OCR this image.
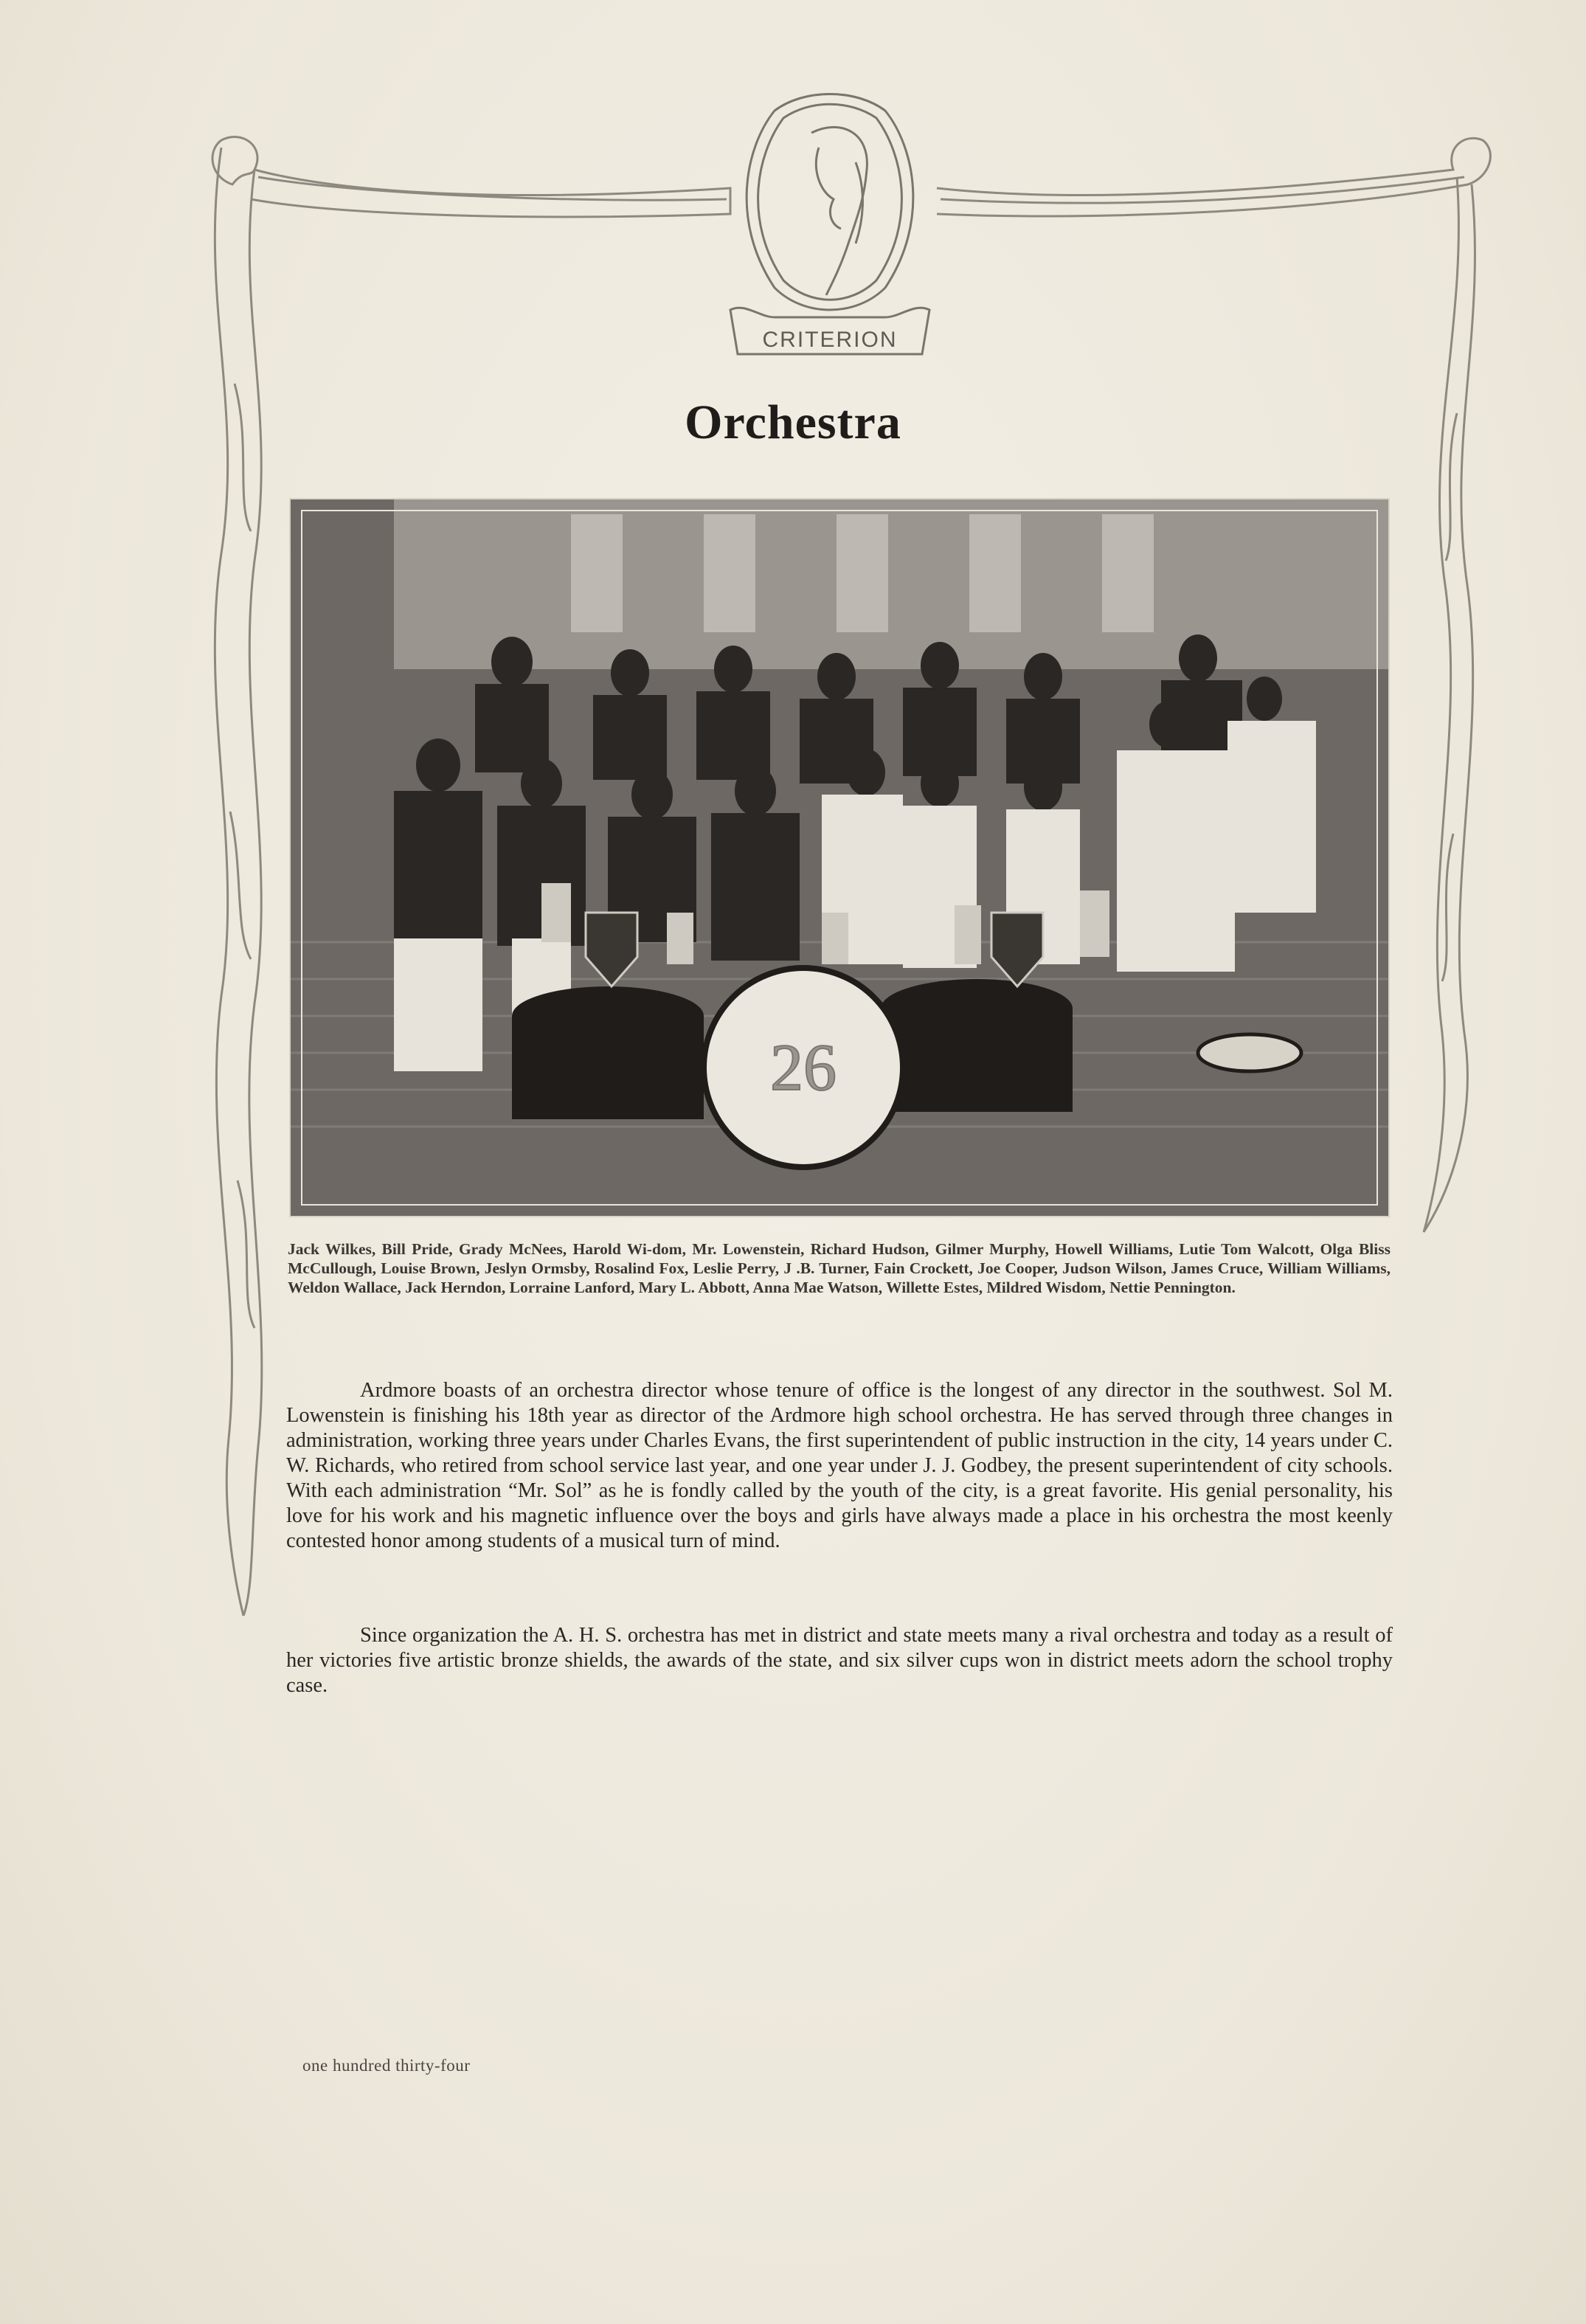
CRITERION
Orchestra
26
Jack Wilkes, Bill Pride, Grady McNees, Harold Wi-dom, Mr. Lowenstein, Richard Hudson, Gilmer Murphy, Howell Williams, Lutie Tom Walcott, Olga Bliss McCullough, Louise Brown, Jeslyn Ormsby, Rosalind Fox, Leslie Perry, J .B. Turner, Fain Crockett, Joe Cooper, Judson Wilson, James Cruce, William Williams, Weldon Wallace, Jack Herndon, Lorraine Lanford, Mary L. Abbott, Anna Mae Watson, Willette Estes, Mildred Wisdom, Nettie Pennington.
Ardmore boasts of an orchestra director whose tenure of office is the longest of any director in the southwest. Sol M. Lowenstein is finishing his 18th year as director of the Ardmore high school orchestra. He has served through three changes in administration, working three years under Charles Evans, the first superintendent of public instruction in the city, 14 years under C. W. Richards, who retired from school service last year, and one year under J. J. Godbey, the present superintendent of city schools. With each administration “Mr. Sol” as he is fondly called by the youth of the city, is a great favorite. His genial personality, his love for his work and his magnetic influence over the boys and girls have always made a place in his orchestra the most keenly contested honor among students of a musical turn of mind.
Since organization the A. H. S. orchestra has met in district and state meets many a rival orchestra and today as a result of her victories five artistic bronze shields, the awards of the state, and six silver cups won in district meets adorn the school trophy case.
one hundred thirty-four
